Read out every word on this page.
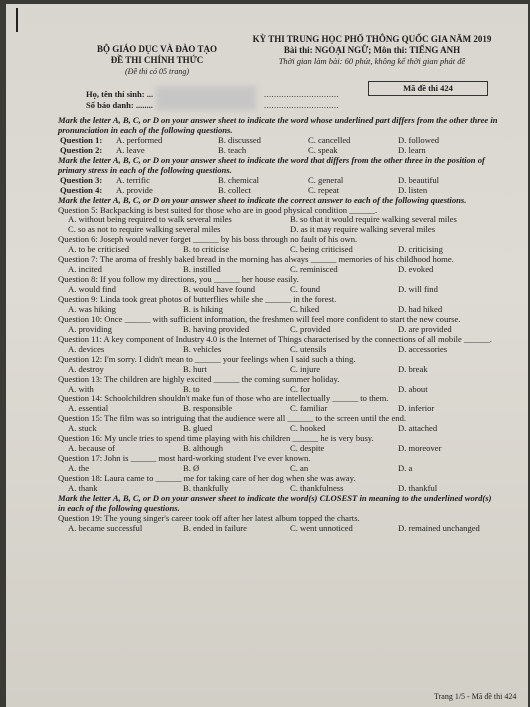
BỘ GIÁO DỤC VÀ ĐÀO TẠO
ĐỀ THI CHÍNH THỨC
(Đề thi có 05 trang)
KỲ THI TRUNG HỌC PHỔ THÔNG QUỐC GIA NĂM 2019
Bài thi: NGOẠI NGỮ; Môn thi: TIẾNG ANH
Thời gian làm bài: 60 phút, không kể thời gian phát đề
Mã đề thi 424
Họ, tên thí sinh: ...
Số báo danh: ........
..............................
..............................
Mark the letter A, B, C, or D on your answer sheet to indicate the word whose underlined part differs from the other three in pronunciation in each of the following questions.
Question 1: A. performed	B. discussed	C. cancelled	D. followed
Question 2: A. leave	B. teach	C. speak	D. learn
Mark the letter A, B, C, or D on your answer sheet to indicate the word that differs from the other three in the position of primary stress in each of the following questions.
Question 3: A. terrific	B. chemical	C. general	D. beautiful
Question 4: A. provide	B. collect	C. repeat	D. listen
Mark the letter A, B, C, or D on your answer sheet to indicate the correct answer to each of the following questions.
Question 5: Backpacking is best suited for those who are in good physical condition ______.
A. without being required to walk several miles	B. so that it would require walking several miles
C. so as not to require walking several miles	D. as it may require walking several miles
Question 6: Joseph would never forget ______ by his boss through no fault of his own.
A. to be criticised	B. to criticise	C. being criticised	D. criticising
Question 7: The aroma of freshly baked bread in the morning has always ______ memories of his childhood home.
A. incited	B. instilled	C. reminisced	D. evoked
Question 8: If you follow my directions, you ______ her house easily.
A. would find	B. would have found	C. found	D. will find
Question 9: Linda took great photos of butterflies while she ______ in the forest.
A. was hiking	B. is hiking	C. hiked	D. had hiked
Question 10: Once ______ with sufficient information, the freshmen will feel more confident to start the new course.
A. providing	B. having provided	C. provided	D. are provided
Question 11: A key component of Industry 4.0 is the Internet of Things characterised by the connections of all mobile ______.
A. devices	B. vehicles	C. utensils	D. accessories
Question 12: I'm sorry. I didn't mean to ______ your feelings when I said such a thing.
A. destroy	B. hurt	C. injure	D. break
Question 13: The children are highly excited ______ the coming summer holiday.
A. with	B. to	C. for	D. about
Question 14: Schoolchildren shouldn't make fun of those who are intellectually ______ to them.
A. essential	B. responsible	C. familiar	D. inferior
Question 15: The film was so intriguing that the audience were all ______ to the screen until the end.
A. stuck	B. glued	C. hooked	D. attached
Question 16: My uncle tries to spend time playing with his children ______ he is very busy.
A. because of	B. although	C. despite	D. moreover
Question 17: John is ______ most hard-working student I've ever known.
A. the	B. Ø	C. an	D. a
Question 18: Laura came to ______ me for taking care of her dog when she was away.
A. thank	B. thankfully	C. thankfulness	D. thankful
Mark the letter A, B, C, or D on your answer sheet to indicate the word(s) CLOSEST in meaning to the underlined word(s) in each of the following questions.
Question 19: The young singer's career took off after her latest album topped the charts.
A. became successful	B. ended in failure	C. went unnoticed	D. remained unchanged
Trang 1/5 - Mã đề thi 424
